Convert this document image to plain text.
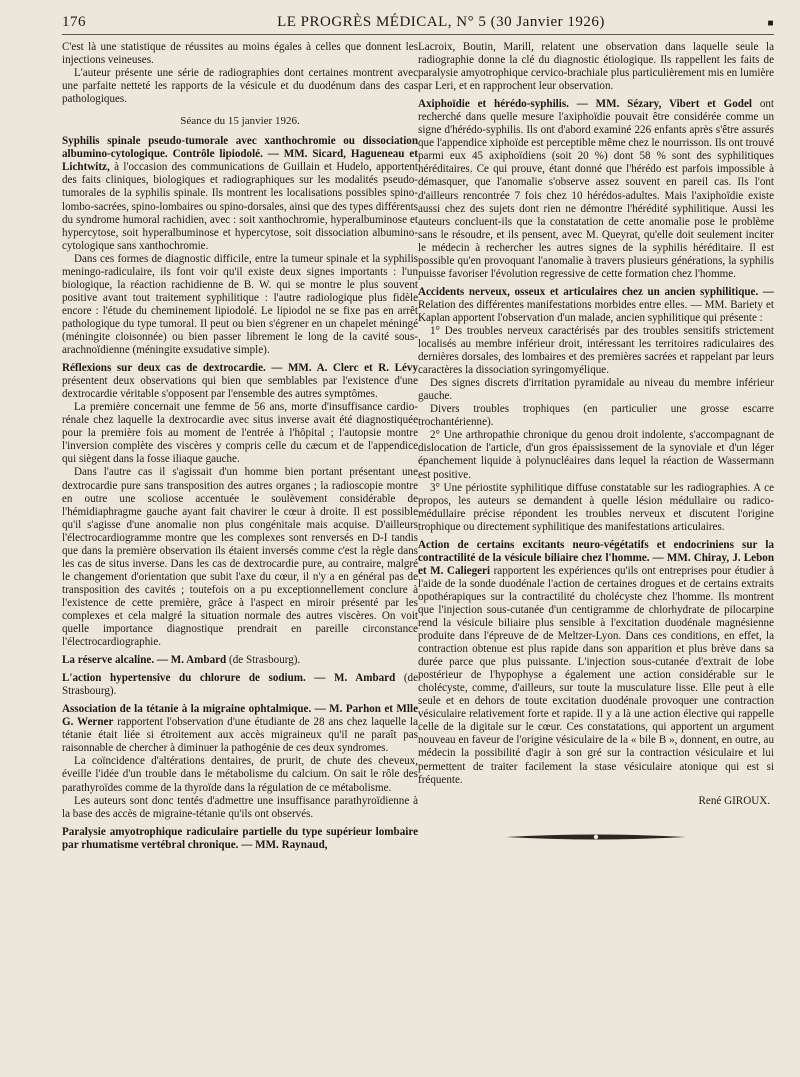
176	LE PROGRÈS MÉDICAL, N° 5 (30 Janvier 1926)	■

C'est là une statistique de réussites au moins égales à celles que donnent les injections veineuses.

L'auteur présente une série de radiographies dont certaines montrent avec une parfaite netteté les rapports de la vésicule et du duodénum dans des cas pathologiques.

Séance du 15 janvier 1926.

Syphilis spinale pseudo-tumorale avec xanthochromie ou dissociation albumino-cytologique. Contrôle lipiodolé. — MM. Sicard, Hagueneau et Lichtwitz, à l'occasion des communications de Guillain et Hudelo, apportent des faits cliniques, biologiques et radiographiques sur les modalités pseudo-tumorales de la syphilis spinale. Ils montrent les localisations possibles spino-lombo-sacrées, spino-lombaires ou spino-dorsales, ainsi que des types différents du syndrome humoral rachidien, avec : soit xanthochromie, hyperalbuminose et hypercytose, soit hyperalbuminose et hypercytose, soit dissociation albumino-cytologique sans xanthochromie.

Dans ces formes de diagnostic difficile, entre la tumeur spinale et la syphilis meningo-radiculaire, ils font voir qu'il existe deux signes importants : l'un biologique, la réaction rachidienne de B. W. qui se montre le plus souvent positive avant tout traitement syphilitique : l'autre radiologique plus fidèle encore : l'étude du cheminement lipiodolé. Le lipiodol ne se fixe pas en arrêt pathologique du type tumoral. Il peut ou bien s'égrener en un chapelet méningé (méningite cloisonnée) ou bien passer librement le long de la cavité sous-arachnoïdienne (méningite exsudative simple).

Réflexions sur deux cas de dextrocardie. — MM. A. Clerc et R. Lévy présentent deux observations qui bien que semblables par l'existence d'une dextrocardie véritable s'opposent par l'ensemble des autres symptômes.

La première concernait une femme de 56 ans, morte d'insuffisance cardio-rénale chez laquelle la dextrocardie avec situs inverse avait été diagnostiquée pour la première fois au moment de l'entrée à l'hôpital ; l'autopsie montre l'inversion complète des viscères y compris celle du cæcum et de l'appendice qui siègent dans la fosse iliaque gauche.

Dans l'autre cas il s'agissait d'un homme bien portant présentant une dextrocardie pure sans transposition des autres organes ; la radioscopie montre en outre une scoliose accentuée le soulèvement considérable de l'hémidiaphragme gauche ayant fait chavirer le cœur à droite. Il est possible qu'il s'agisse d'une anomalie non plus congénitale mais acquise. D'ailleurs l'électrocardiogramme montre que les complexes sont renversés en D-I tandis que dans la première observation ils étaient inversés comme c'est la règle dans les cas de situs inverse. Dans les cas de dextrocardie pure, au contraire, malgré le changement d'orientation que subit l'axe du cœur, il n'y a en général pas de transposition des cavités ; toutefois on a pu exceptionnellement conclure à l'existence de cette première, grâce à l'aspect en miroir présenté par les complexes et cela malgré la situation normale des autres viscères. On voit quelle importance diagnostique prendrait en pareille circonstance l'électrocardiographie.

La réserve alcaline. — M. Ambard (de Strasbourg).

L'action hypertensive du chlorure de sodium. — M. Ambard (de Strasbourg).

Association de la tétanie à la migraine ophtalmique. — M. Parhon et Mlle G. Werner rapportent l'observation d'une étudiante de 28 ans chez laquelle la tétanie était liée si étroitement aux accès migraineux qu'il ne paraît pas raisonnable de chercher à diminuer la pathogénie de ces deux syndromes.

La coïncidence d'altérations dentaires, de prurit, de chute des cheveux, éveille l'idée d'un trouble dans le métabolisme du calcium. On sait le rôle des parathyroïdes comme de la thyroïde dans la régulation de ce métabolisme.

Les auteurs sont donc tentés d'admettre une insuffisance parathyroïdienne à la base des accès de migraine-tétanie qu'ils ont observés.

Paralysie amyotrophique radiculaire partielle du type supérieur lombaire par rhumatisme vertébral chronique. — MM. Raynaud,

Lacroix, Boutin, Marill, relatent une observation dans laquelle seule la radiographie donne la clé du diagnostic étiologique. Ils rappellent les faits de paralysie amyotrophique cervico-brachiale plus particulièrement mis en lumière par Leri, et en rapprochent leur observation.

Axiphoïdie et hérédo-syphilis. — MM. Sézary, Vibert et Godel ont recherché dans quelle mesure l'axiphoïdie pouvait être considérée comme un signe d'hérédo-syphilis. Ils ont d'abord examiné 226 enfants après s'être assurés que l'appendice xiphoïde est perceptible même chez le nourrisson. Ils ont trouvé parmi eux 45 axiphoïdiens (soit 20 %) dont 58 % sont des syphilitiques héréditaires. Ce qui prouve, étant donné que l'hérédo est parfois impossible à démasquer, que l'anomalie s'observe assez souvent en pareil cas. Ils l'ont d'ailleurs rencontrée 7 fois chez 10 hérédos-adultes. Mais l'axiphoïdie existe aussi chez des sujets dont rien ne démontre l'hérédité syphilitique. Aussi les auteurs concluent-ils que la constatation de cette anomalie pose le problème sans le résoudre, et ils pensent, avec M. Queyrat, qu'elle doit seulement inciter le médecin à rechercher les autres signes de la syphilis héréditaire. Il est possible qu'en provoquant l'anomalie à travers plusieurs générations, la syphilis puisse favoriser l'évolution regressive de cette formation chez l'homme.

Accidents nerveux, osseux et articulaires chez un ancien syphilitique. — Relation des différentes manifestations morbides entre elles. — MM. Bariety et Kaplan apportent l'observation d'un malade, ancien syphilitique qui présente :

1° Des troubles nerveux caractérisés par des troubles sensitifs strictement localisés au membre inférieur droit, intéressant les territoires radiculaires des dernières dorsales, des lombaires et des premières sacrées et rappelant par leurs caractères la dissociation syringomyélique.

Des signes discrets d'irritation pyramidale au niveau du membre inférieur gauche.

Divers troubles trophiques (en particulier une grosse escarre trochantérienne).

2° Une arthropathie chronique du genou droit indolente, s'accompagnant de dislocation de l'article, d'un gros épaississement de la synoviale et d'un léger épanchement liquide à polynucléaires dans lequel la réaction de Wassermann est positive.

3° Une périostite syphilitique diffuse constatable sur les radiographies. A ce propos, les auteurs se demandent à quelle lésion médullaire ou radico-médullaire précise répondent les troubles nerveux et discutent l'origine trophique ou directement syphilitique des manifestations articulaires.

Action de certains excitants neuro-végétatifs et endocriniens sur la contractilité de la vésicule biliaire chez l'homme. — MM. Chiray, J. Lebon et M. Caliegeri rapportent les expériences qu'ils ont entreprises pour étudier à l'aide de la sonde duodénale l'action de certaines drogues et de certains extraits opothérapiques sur la contractilité du cholécyste chez l'homme. Ils montrent que l'injection sous-cutanée d'un centigramme de chlorhydrate de pilocarpine rend la vésicule biliaire plus sensible à l'excitation duodénale magnésienne produite dans l'épreuve de de Meltzer-Lyon. Dans ces conditions, en effet, la contraction obtenue est plus rapide dans son apparition et plus brève dans sa durée parce que plus puissante. L'injection sous-cutanée d'extrait de lobe postérieur de l'hypophyse a également une action considérable sur le cholécyste, comme, d'ailleurs, sur toute la musculature lisse. Elle peut à elle seule et en dehors de toute excitation duodénale provoquer une contraction vésiculaire relativement forte et rapide. Il y a là une action élective qui rappelle celle de la digitale sur le cœur. Ces constatations, qui apportent un argument nouveau en faveur de l'origine vésiculaire de la « bile B », donnent, en outre, au médecin la possibilité d'agir à son gré sur la contraction vésiculaire et lui permettent de traiter facilement la stase vésiculaire atonique qui est si fréquente.

René GIROUX.
